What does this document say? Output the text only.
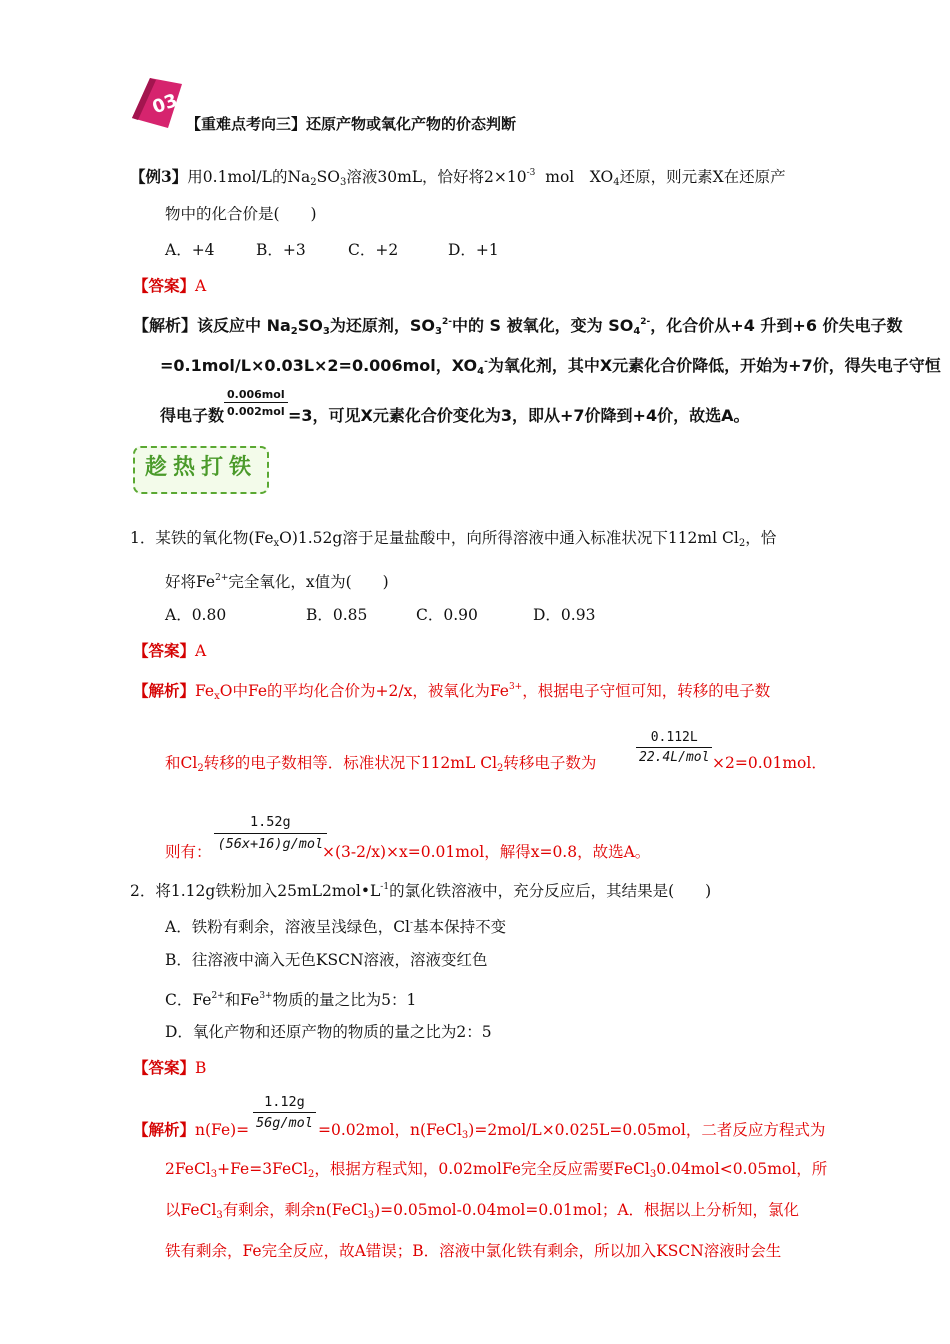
03
【重难点考向三】还原产物或氧化产物的价态判断
【例3】用0.1mol/L的$Na_2SO_3$溶液30mL，恰好将$2\times 10^{-3}$ mol　$XO_4$还原，则元素X在还原产
物中的化合价是(　　)
A．+4	B．+3	C．+2	D．+1
【答案】A
【解析】该反应中 $Na_2SO_3$为还原剂，$SO_3^{2-}$中的 S 被氧化，变为 $SO_4^{2-}$，化合价从+4 升到+6 价失电子数
=0.1mol/L×0.03L×2=0.006mol，$XO_4^-$为氧化剂，其中X元素化合价降低，开始为+7价，得失电子守恒
得电子数
0.006mol
0.002mol =3，可见X元素化合价变化为3，即从+7价降到+4价，故选A。
趁热打铁
1．某铁的氧化物$(Fe_xO)1.52g$溶于足量盐酸中，向所得溶液中通入标准状况下112ml $Cl_2$，恰
好将$Fe^{2+}$完全氧化，x值为(　　)
A．0.80	B．0.85	C．0.90	D．0.93
【答案】A
【解析】$Fe_xO$中Fe的平均化合价为+2/x，被氧化为$Fe^{3+}$，根据电子守恒可知，转移的电子数
和$Cl_2$转移的电子数相等．标准状况下112mL $Cl_2$转移电子数为
0.112L
22.4L/mol ×2=0.01mol．
则有：
1.52g
(56x+16)g/mol
×(3-2/x)×x=0.01mol，解得x=0.8，故选A。
2．将1.12g铁粉加入$25mL2mol•L^{-1}$的氯化铁溶液中，充分反应后，其结果是(　　)
A．铁粉有剩余，溶液呈浅绿色，Cl-基本保持不变
B．往溶液中滴入无色KSCN溶液，溶液变红色
C．$Fe^{2+}$和$Fe^{3+}$物质的量之比为5：1
D．氧化产物和还原产物的物质的量之比为2：5
【答案】B
【解析】n(Fe)=
1.12g
56g/mol =0.02mol，n(FeCl$_3$)=2mol/L×0.025L=0.05mol，二者反应方程式为
2FeCl$_3$+Fe=3FeCl$_2$，根据方程式知，0.02molFe完全反应需要FeCl$_3$0.04mol<0.05mol，所
以FeCl$_3$有剩余，剩余n(FeCl$_3$)=0.05mol-0.04mol=0.01mol；A．根据以上分析知，氯化
铁有剩余，Fe完全反应，故A错误；B．溶液中氯化铁有剩余，所以加入KSCN溶液时会生
